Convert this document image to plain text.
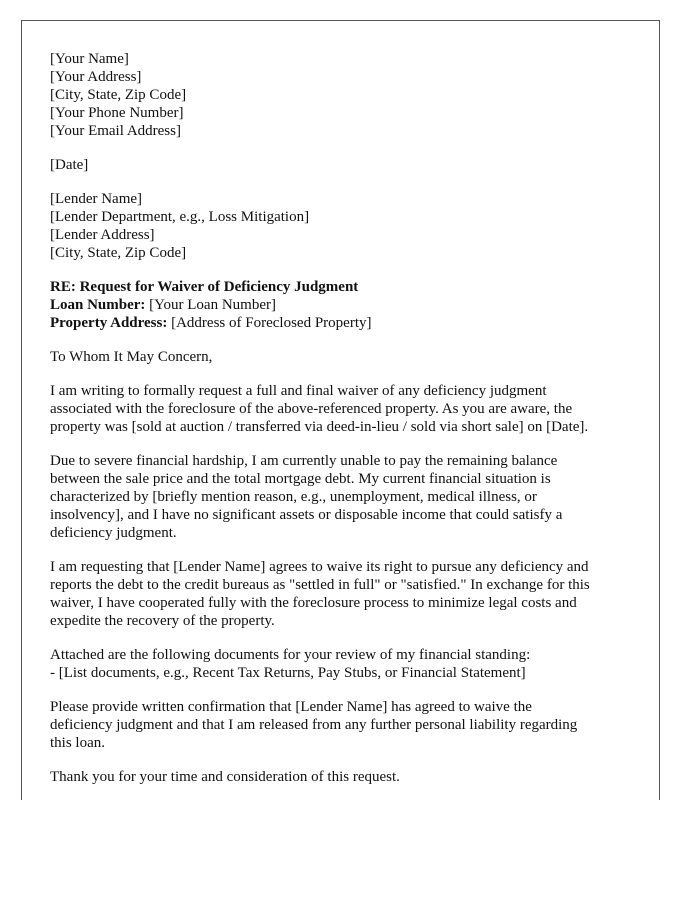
[Your Name]
[Your Address]
[City, State, Zip Code]
[Your Phone Number]
[Your Email Address]
[Date]
[Lender Name]
[Lender Department, e.g., Loss Mitigation]
[Lender Address]
[City, State, Zip Code]
RE: Request for Waiver of Deficiency Judgment
Loan Number: [Your Loan Number]
Property Address: [Address of Foreclosed Property]

To Whom It May Concern,

I am writing to formally request a full and final waiver of any deficiency judgment
associated with the foreclosure of the above-referenced property. As you are aware, the
property was [sold at auction / transferred via deed-in-lieu / sold via short sale] on [Date].

Due to severe financial hardship, I am currently unable to pay the remaining balance
between the sale price and the total mortgage debt. My current financial situation is
characterized by [briefly mention reason, e.g., unemployment, medical illness, or
insolvency], and I have no significant assets or disposable income that could satisfy a
deficiency judgment.

I am requesting that [Lender Name] agrees to waive its right to pursue any deficiency and
reports the debt to the credit bureaus as "settled in full" or "satisfied." In exchange for this
waiver, I have cooperated fully with the foreclosure process to minimize legal costs and
expedite the recovery of the property.

Attached are the following documents for your review of my financial standing:
- [List documents, e.g., Recent Tax Returns, Pay Stubs, or Financial Statement]

Please provide written confirmation that [Lender Name] has agreed to waive the
deficiency judgment and that I am released from any further personal liability regarding
this loan.

Thank you for your time and consideration of this request.
